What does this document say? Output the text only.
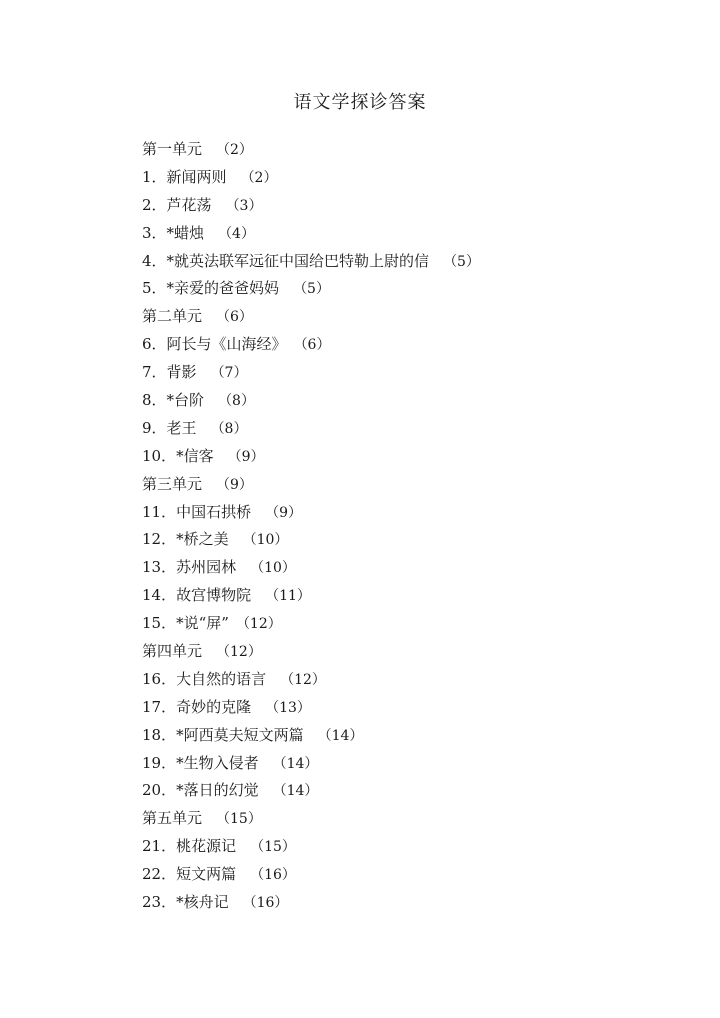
语文学探诊答案
第一单元 （2）
1．新闻两则 （2）
2．芦花荡 （3）
3．*蜡烛 （4）
4．*就英法联军远征中国给巴特勒上尉的信 （5）
5．*亲爱的爸爸妈妈 （5）
第二单元 （6）
6．阿长与《山海经》 （6）
7．背影 （7）
8．*台阶 （8）
9．老王 （8）
10．*信客 （9）
第三单元 （9）
11．中国石拱桥 （9）
12．*桥之美 （10）
13．苏州园林 （10）
14．故宫博物院 （11）
15．*说“屏” （12）
第四单元 （12）
16．大自然的语言 （12）
17．奇妙的克隆 （13）
18．*阿西莫夫短文两篇 （14）
19．*生物入侵者 （14）
20．*落日的幻觉 （14）
第五单元 （15）
21．桃花源记 （15）
22．短文两篇 （16）
23．*核舟记 （16）
